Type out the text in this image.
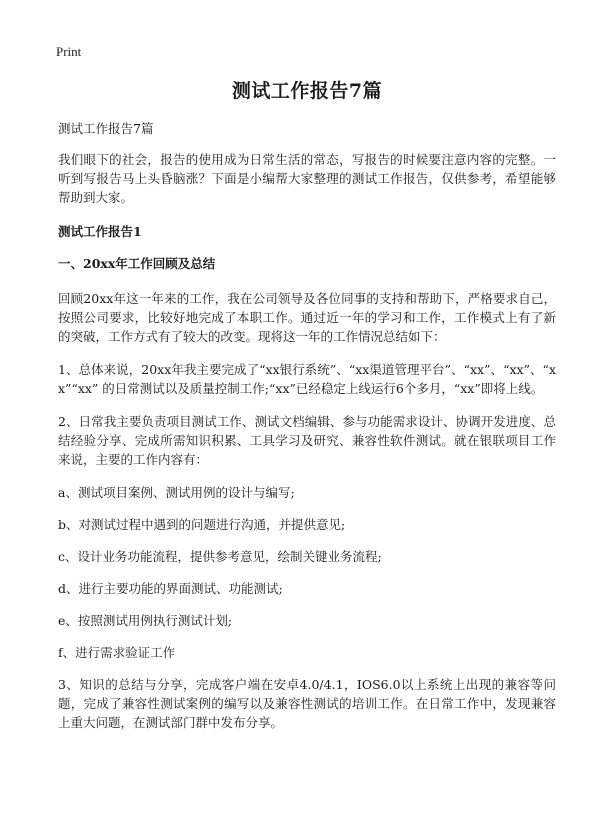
Print
测试工作报告7篇
测试工作报告7篇

我们眼下的社会，报告的使用成为日常生活的常态，写报告的时候要注意内容的完整。一听到写报告马上头昏脑涨？下面是小编帮大家整理的测试工作报告，仅供参考，希望能够帮助到大家。

测试工作报告1
一、20xx年工作回顾及总结

回顾20xx年这一年来的工作，我在公司领导及各位同事的支持和帮助下，严格要求自己，按照公司要求，比较好地完成了本职工作。通过近一年的学习和工作，工作模式上有了新的突破，工作方式有了较大的改变。现将这一年的工作情况总结如下：

1、总体来说，20xx年我主要完成了“xx银行系统”、“xx渠道管理平台”、“xx”、“xx”、“xx”“xx” 的日常测试以及质量控制工作;“xx”已经稳定上线运行6个多月，“xx”即将上线。

2、日常我主要负责项目测试工作、测试文档编辑、参与功能需求设计、协调开发进度、总结经验分享、完成所需知识积累、工具学习及研究、兼容性软件测试。就在银联项目工作来说，主要的工作内容有：

a、测试项目案例、测试用例的设计与编写;
b、对测试过程中遇到的问题进行沟通，并提供意见;
c、设计业务功能流程，提供参考意见，绘制关键业务流程;
d、进行主要功能的界面测试、功能测试;
e、按照测试用例执行测试计划;
f、进行需求验证工作

3、知识的总结与分享，完成客户端在安卓4.0/4.1，IOS6.0以上系统上出现的兼容等问题，完成了兼容性测试案例的编写以及兼容性测试的培训工作。在日常工作中，发现兼容上重大问题，在测试部门群中发布分享。
